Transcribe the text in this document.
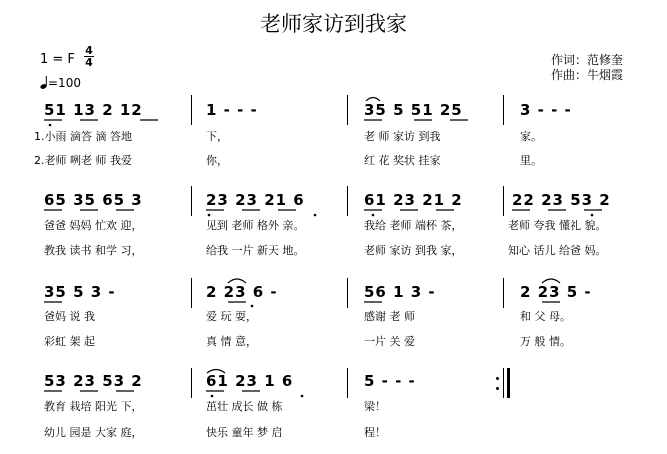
老师家访到我家
1 = F
4
4
=100
作词：范修奎
作曲：牛烟霞
51 13 2 12	1 - - -	35 5 51 25	3 - - -
1.小雨 滴答 滴 答地	下，	老 师 家访 到我	家。
2.老师 咧老 师 我爱	你，	红 花 奖状 挂家	里。
65 35 65 3	23 23 21 6	61 23 21 2	22 23 53 2
爸爸 妈妈 忙欢 迎，	见到 老师 格外 亲。	我给 老师 端杯 茶，	老师 夸我 懂礼 貌。
教我 读书 和学 习，	给我 一片 新天 地。	老师 家访 到我 家，	知心 话儿 给爸 妈。
35 5 3 -	2 23 6 -	56 1 3 -	2 23 5 -
爸妈 说 我	爱 玩 耍，	感谢 老 师	和 父 母。
彩虹 架 起	真 情 意，	一片 关 爱	万 般 情。
53 23 53 2	61 23 1 6	5 - - -
教育 栽培 阳光 下，	茁壮 成长 做 栋	梁！
幼儿 园是 大家 庭，	快乐 童年 梦 启	程！
